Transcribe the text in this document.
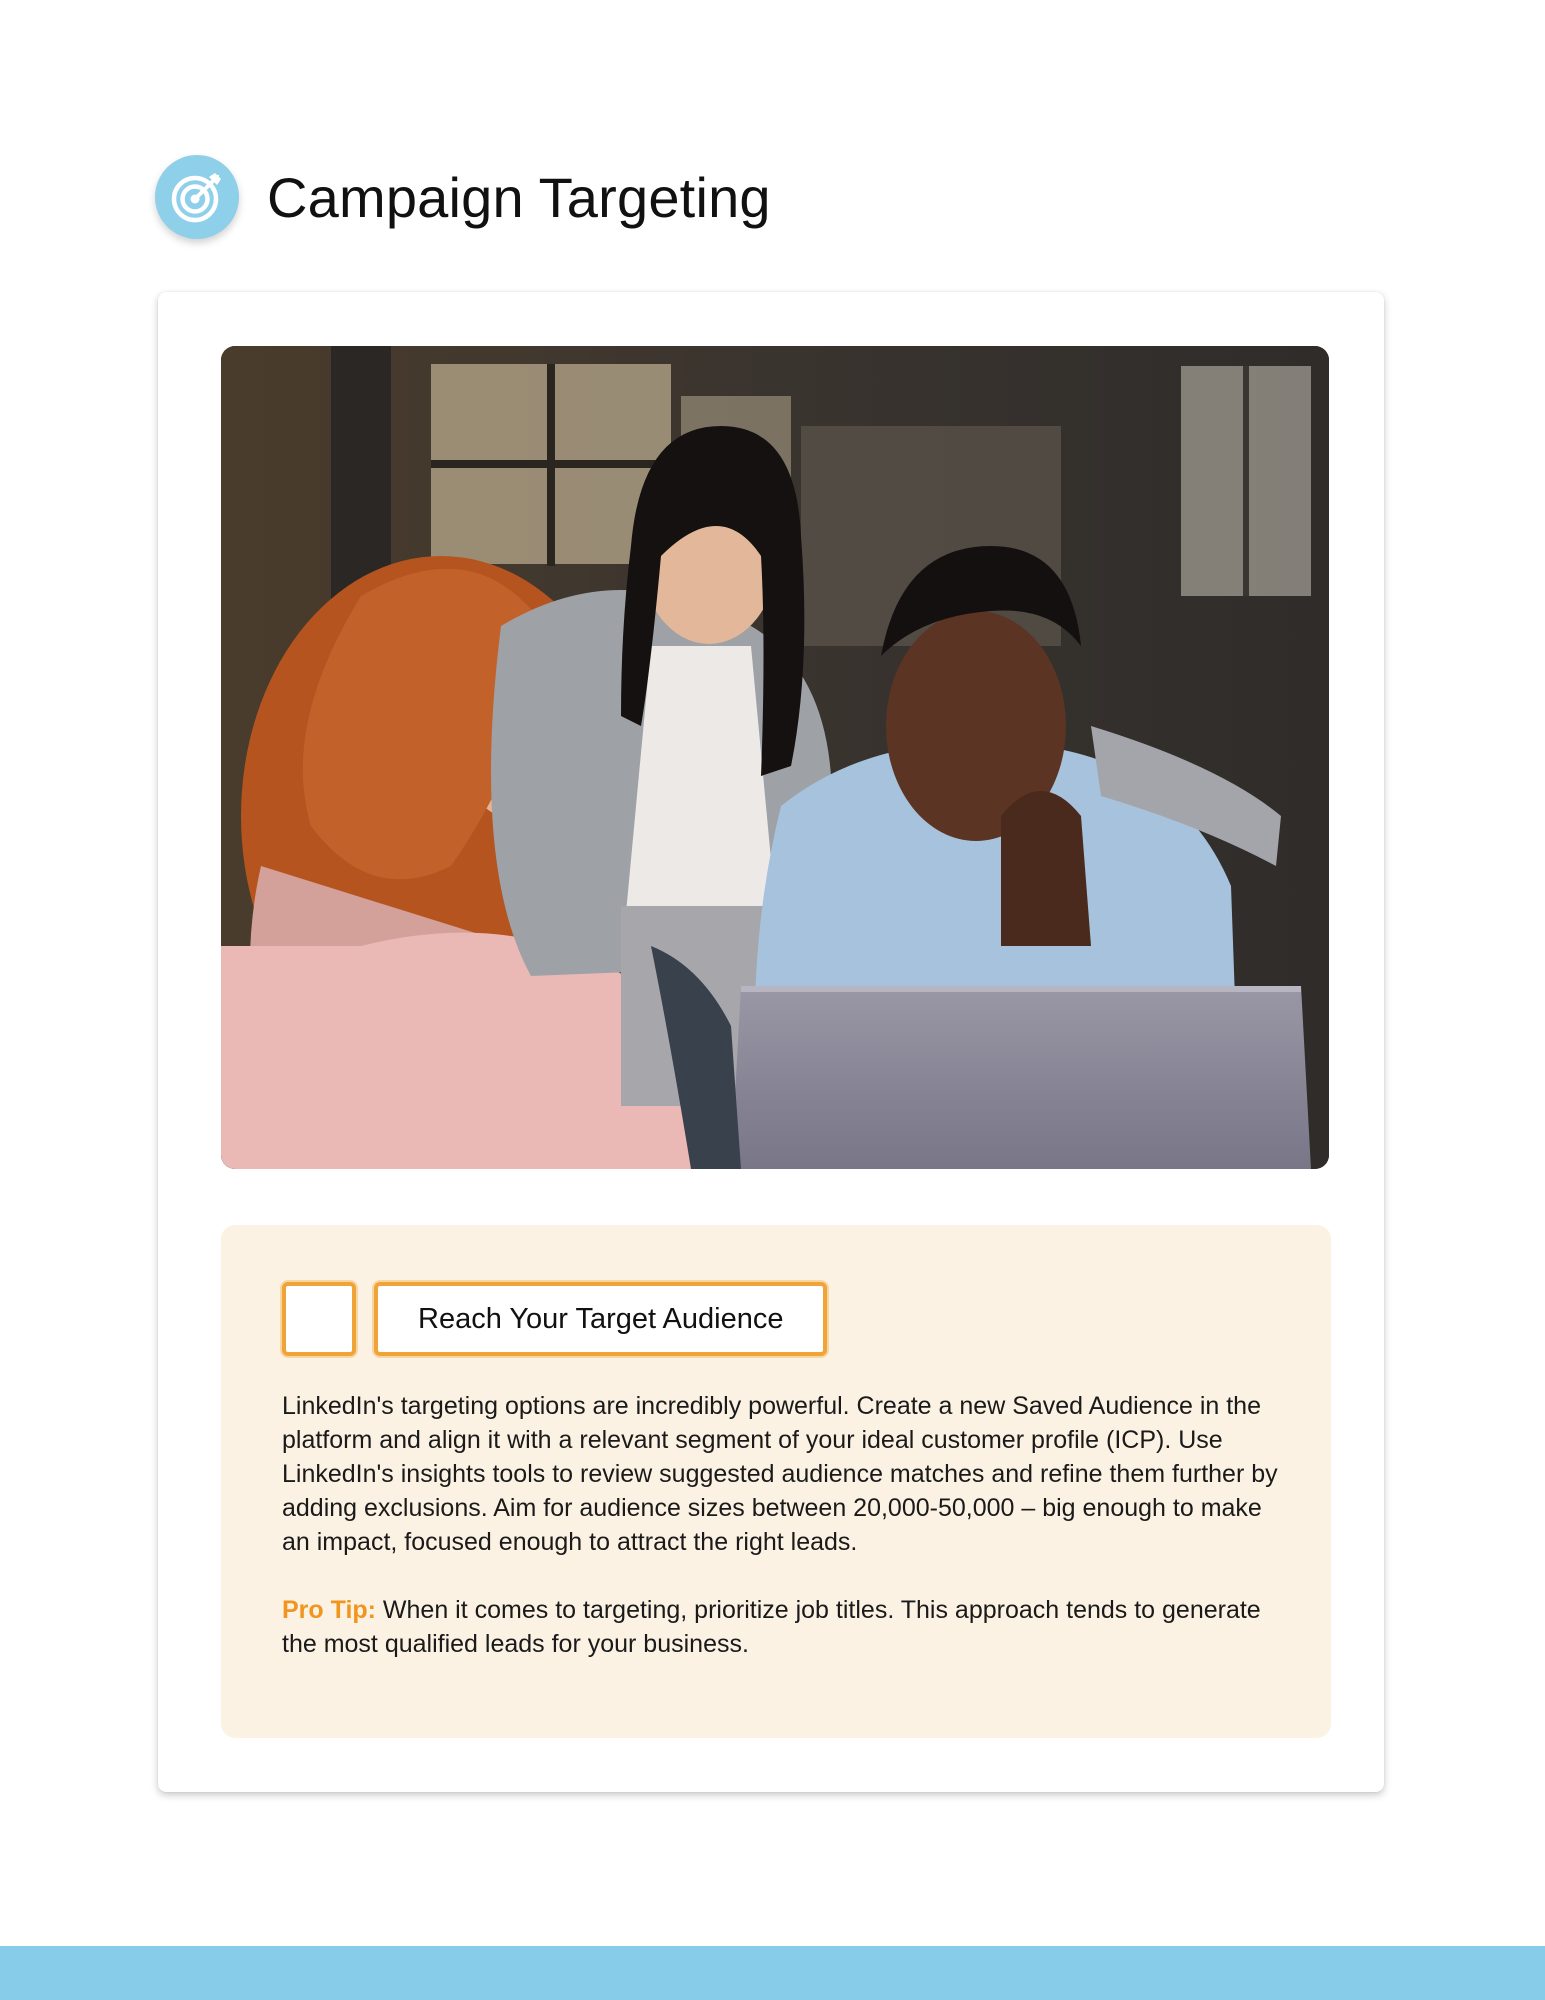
Campaign Targeting
Reach Your Target Audience

LinkedIn's targeting options are incredibly powerful. Create a new Saved Audience in the platform and align it with a relevant segment of your ideal customer profile (ICP). Use LinkedIn's insights tools to review suggested audience matches and refine them further by adding exclusions. Aim for audience sizes between 20,000-50,000 – big enough to make an impact, focused enough to attract the right leads.

Pro Tip: When it comes to targeting, prioritize job titles. This approach tends to generate the most qualified leads for your business.
